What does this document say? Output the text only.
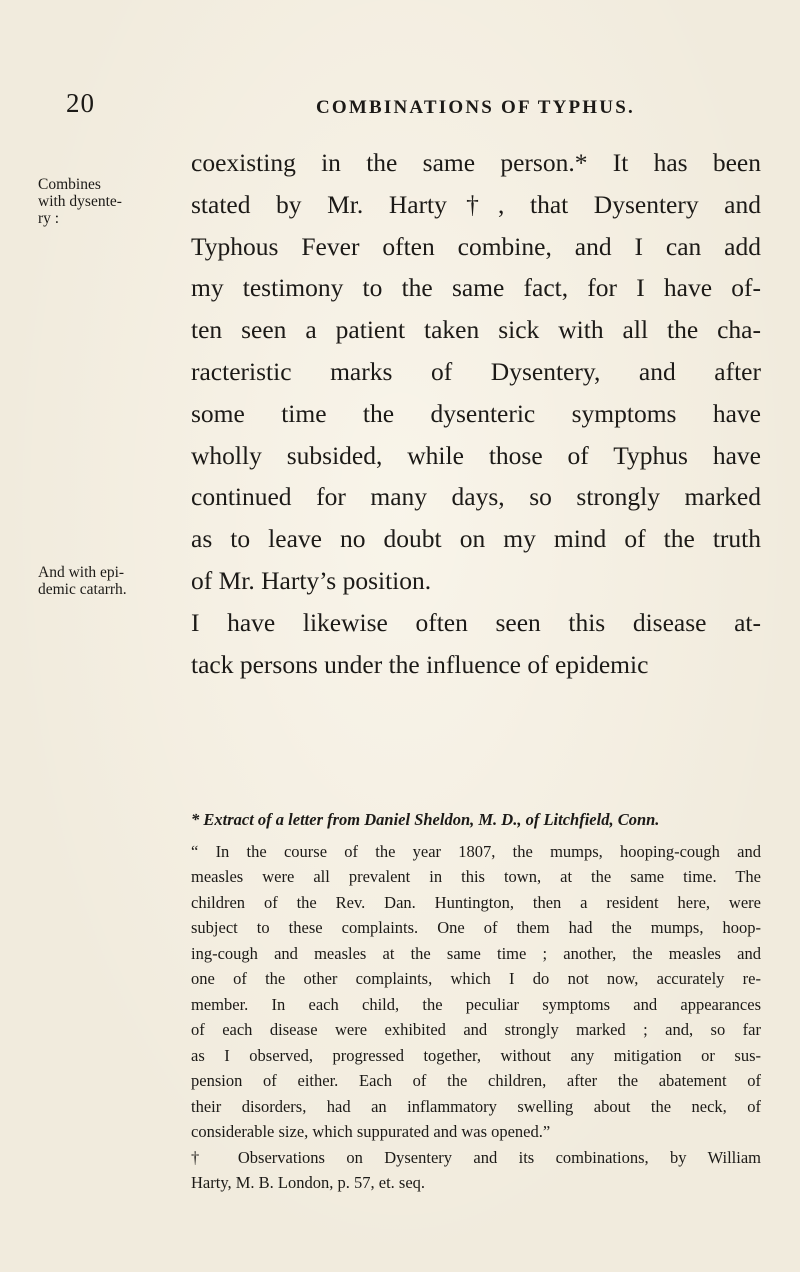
20	COMBINATIONS OF TYPHUS.
Combines
with dysente-
ry :
And with epi-
demic catarrh.
coexisting in the same person.* It has been
stated by Mr. Harty†, that Dysentery and
Typhous Fever often combine, and I can add
my testimony to the same fact, for I have of-
ten seen a patient taken sick with all the cha-
racteristic marks of Dysentery, and after
some time the dysenteric symptoms have
wholly subsided, while those of Typhus have
continued for many days, so strongly marked
as to leave no doubt on my mind of the truth
of Mr. Harty’s position.
I have likewise often seen this disease at-
tack persons under the influence of epidemic
* Extract of a letter from Daniel Sheldon, M. D., of Litchfield, Conn.
“ In the course of the year 1807, the mumps, hooping-cough and
measles were all prevalent in this town, at the same time. The
children of the Rev. Dan. Huntington, then a resident here, were
subject to these complaints. One of them had the mumps, hoop-
ing-cough and measles at the same time ; another, the measles and
one of the other complaints, which I do not now, accurately re-
member. In each child, the peculiar symptoms and appearances
of each disease were exhibited and strongly marked ; and, so far
as I observed, progressed together, without any mitigation or sus-
pension of either. Each of the children, after the abatement of
their disorders, had an inflammatory swelling about the neck, of
considerable size, which suppurated and was opened.”
† Observations on Dysentery and its combinations, by William
Harty, M. B. London, p. 57, et. seq.
